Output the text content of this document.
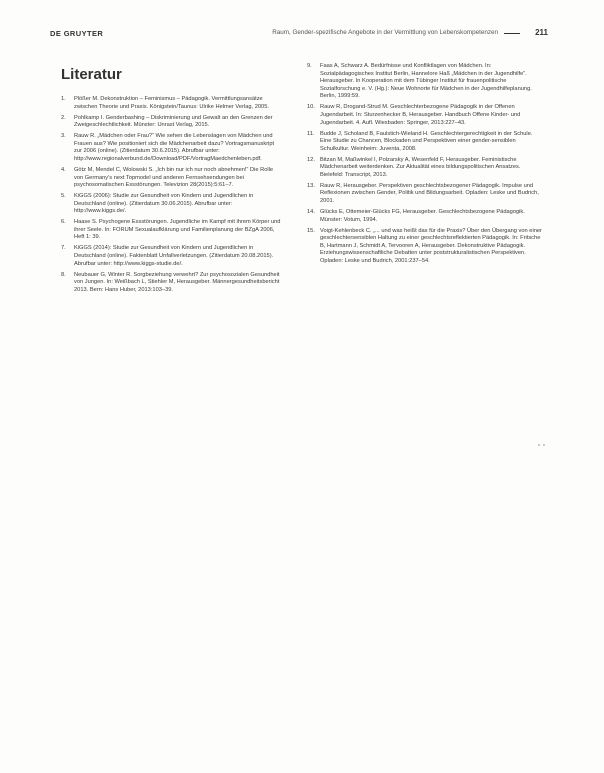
DE GRUYTER	Raum, Gender-spezifische Angebote in der Vermittlung von Lebenskompetenzen	211
Literatur
1.	Plößer M. Dekonstruktion – Feminismus – Pädagogik. Vermittlungsansätze zwischen Theorie und Praxis. Königstein/Taunus: Ulrike Helmer Verlag, 2005.
2.	Pohlkamp I. Genderbashing – Diskriminierung und Gewalt an den Grenzen der Zweigeschlechtlichkeit. Münster: Unrast Verlag, 2015.
3.	Rauw R. „Mädchen oder Frau?“ Wie sehen die Lebenslagen von Mädchen und Frauen aus? Wie positioniert sich die Mädchenarbeit dazu? Vortragsmanuskript zur 2006 (online). (Zitierdatum 30.6.2015). Abrufbar unter: http://www.regionalverbund.de/Download/PDF/VortragMaedchenleben.pdf.
4.	Götz M, Mendel C, Wolowski S. „Ich bin nur ich nur noch abnehmen!“ Die Rolle von Germany’s next Topmodel und anderen Fernsehsendungen bei psychosomatischen Essstörungen. Televizion 28(2015):5:61–7.
5.	KiGGS (2006): Studie zur Gesundheit von Kindern und Jugendlichen in Deutschland (online). (Zitierdatum 30.06.2015). Abrufbar unter: http://www.kiggs.de/.
6.	Haase S. Psychogene Essstörungen. Jugendliche im Kampf mit ihrem Körper und ihrer Seele. In: FORUM Sexualaufklärung und Familienplanung der BZgA 2006, Heft 1: 39.
7.	KiGGS (2014): Studie zur Gesundheit von Kindern und Jugendlichen in Deutschland (online). Faktenblatt Unfallverletzungen. (Zitierdatum 20.08.2015). Abrufbar unter: http://www.kiggs-studie.de/.
8.	Neubauer G, Winter R. Sorgbeziehung verwehrt? Zur psychosozialen Gesundheit von Jungen. In: Weißbach L, Stiehler M, Herausgeber. Männergesundheitsbericht 2013. Bern: Hans Huber, 2013:103–39.
9.	Faas A, Schwarz A. Bedürfnisse und Konfliktlagen von Mädchen. In: Sozialpädagogisches Institut Berlin, Hannelore Haß „Mädchen in der Jugendhilfe“. Herausgeber. In Kooperation mit dem Tübinger Institut für frauenpolitische Sozialforschung e. V. (Hg.): Neue Wohnorte für Mädchen in der Jugendhilfeplanung. Berlin, 1999:59.
10. Rauw R, Drogand-Strud M. Geschlechterbezogene Pädagogik in der Offenen Jugendarbeit. In: Sturzenhecker B, Herausgeber. Handbuch Offene Kinder- und Jugendarbeit. 4. Aufl. Wiesbaden: Springer, 2013:227–43.
11. Budde J, Scholand B, Faulstich-Wieland H. Geschlechtergerechtigkeit in der Schule. Eine Studie zu Chancen, Blockaden und Perspektiven einer gender-sensiblen Schulkultur. Weinheim: Juventa, 2008.
12. Bitzan M, Maßwinkel I, Polzarsky A, Wesenfeld F, Herausgeber. Feministische Mädchenarbeit weiterdenken. Zur Aktualität eines bildungspolitischen Ansatzes. Bielefeld: Transcript, 2013.
13. Rauw R, Herausgeber. Perspektiven geschlechtsbezogener Pädagogik. Impulse und Reflexionen zwischen Gender, Politik und Bildungsarbeit. Opladen: Leske und Budrich, 2001.
14. Glücks E, Ottemeier-Glücks FG, Herausgeber. Geschlechtsbezogene Pädagogik. Münster: Votum, 1994.
15. Voigt-Kehlenbeck C. „... und was heißt das für die Praxis? Über den Übergang von einer geschlechtersensiblen Haltung zu einer geschlechtsreflektierten Pädagogik. In: Fritsche B, Hartmann J, Schmidt A, Tervooren A, Herausgeber. Dekonstruktive Pädagogik. Erziehungswissenschaftliche Debatten unter poststrukturalistischen Perspektiven. Opladen: Leske und Budrich, 2001:237–54.
